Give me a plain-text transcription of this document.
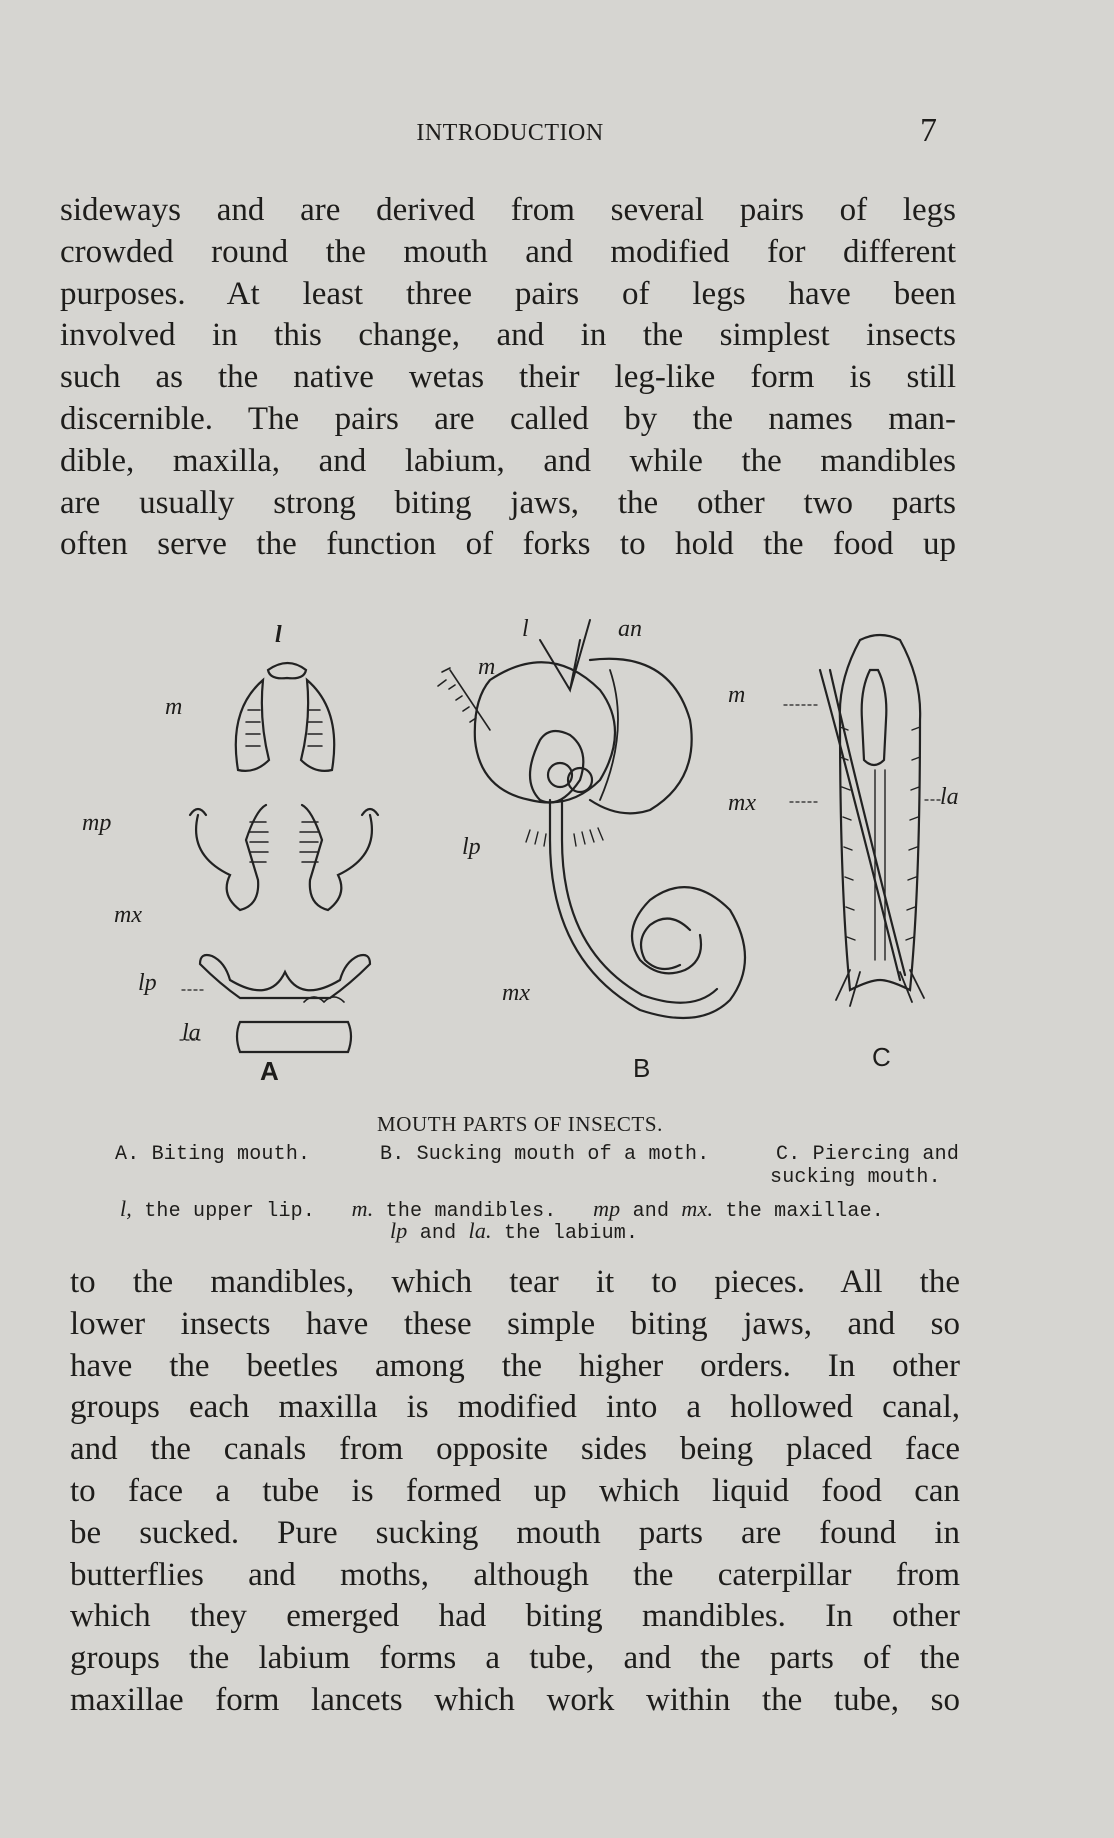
INTRODUCTION	7
sideways and are derived from several pairs of legs
crowded round the mouth and modified for different
purposes. At least three pairs of legs have been
involved in this change, and in the simplest insects
such as the native wetas their leg-like form is still
discernible. The pairs are called by the names man-
dible, maxilla, and labium, and while the mandibles
are usually strong biting jaws, the other two parts
often serve the function of forks to hold the food up
l
m
mp
mx
lp
la
A
l	an
m
lp
mx
B
m
mx	la
C
MOUTH PARTS OF INSECTS.
A. Biting mouth.	B. Sucking mouth of a moth.	C. Piercing and
sucking mouth.
l, the upper lip. m. the mandibles. mp and mx. the maxillae.
lp and la. the labium.
to the mandibles, which tear it to pieces. All the
lower insects have these simple biting jaws, and so
have the beetles among the higher orders. In other
groups each maxilla is modified into a hollowed canal,
and the canals from opposite sides being placed face
to face a tube is formed up which liquid food can
be sucked. Pure sucking mouth parts are found in
butterflies and moths, although the caterpillar from
which they emerged had biting mandibles. In other
groups the labium forms a tube, and the parts of the
maxillae form lancets which work within the tube, so
